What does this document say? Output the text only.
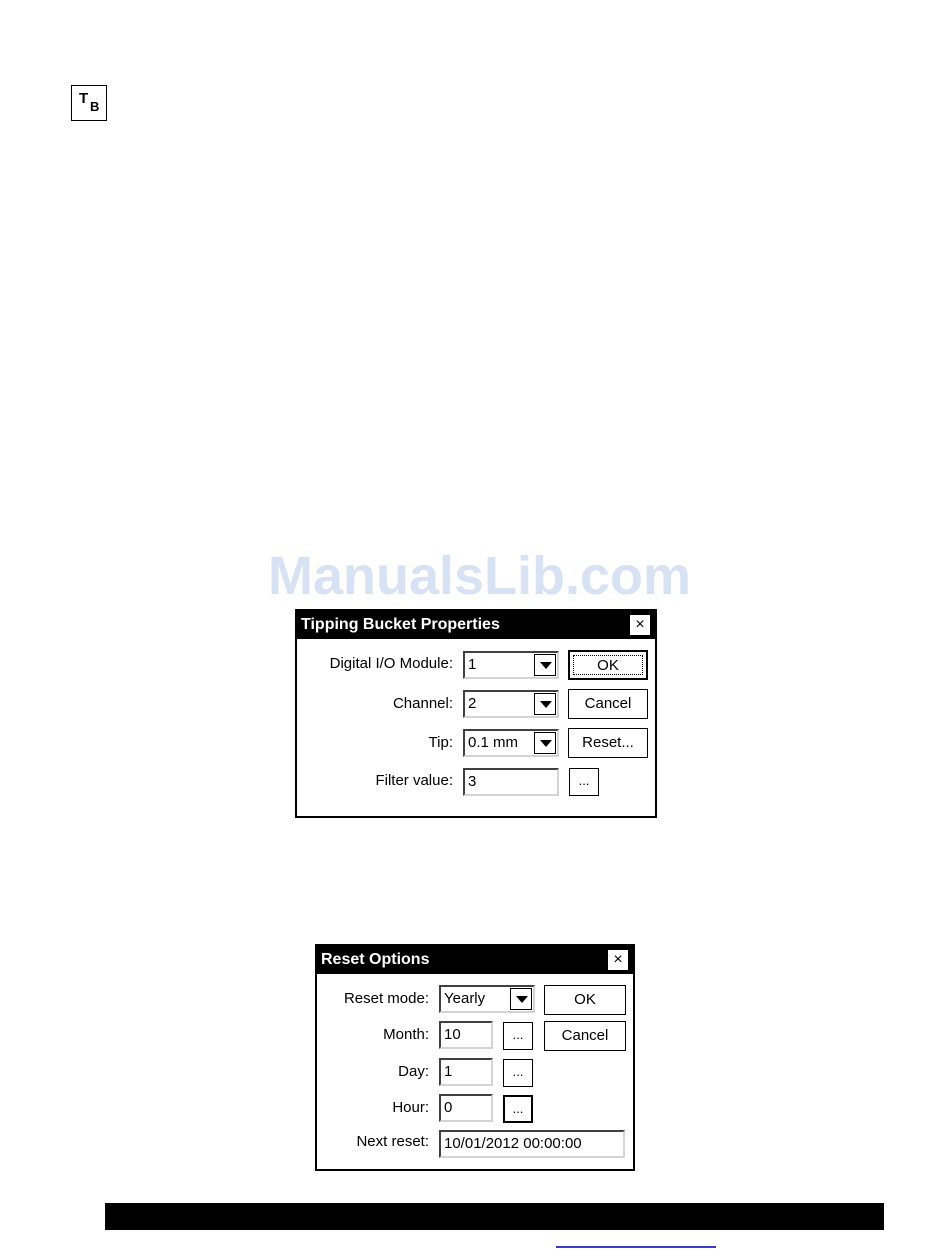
T B
ManualsLib.com
Tipping Bucket Properties	×
Digital I/O Module:	1
Channel:	2
Tip:	0.1 mm
Filter value:	3	...
OK
Cancel
Reset...
Reset Options	×
Reset mode:	Yearly
Month:	10	...
Day:	1	...
Hour:	0	...
Next reset:	10/01/2012 00:00:00
OK
Cancel
